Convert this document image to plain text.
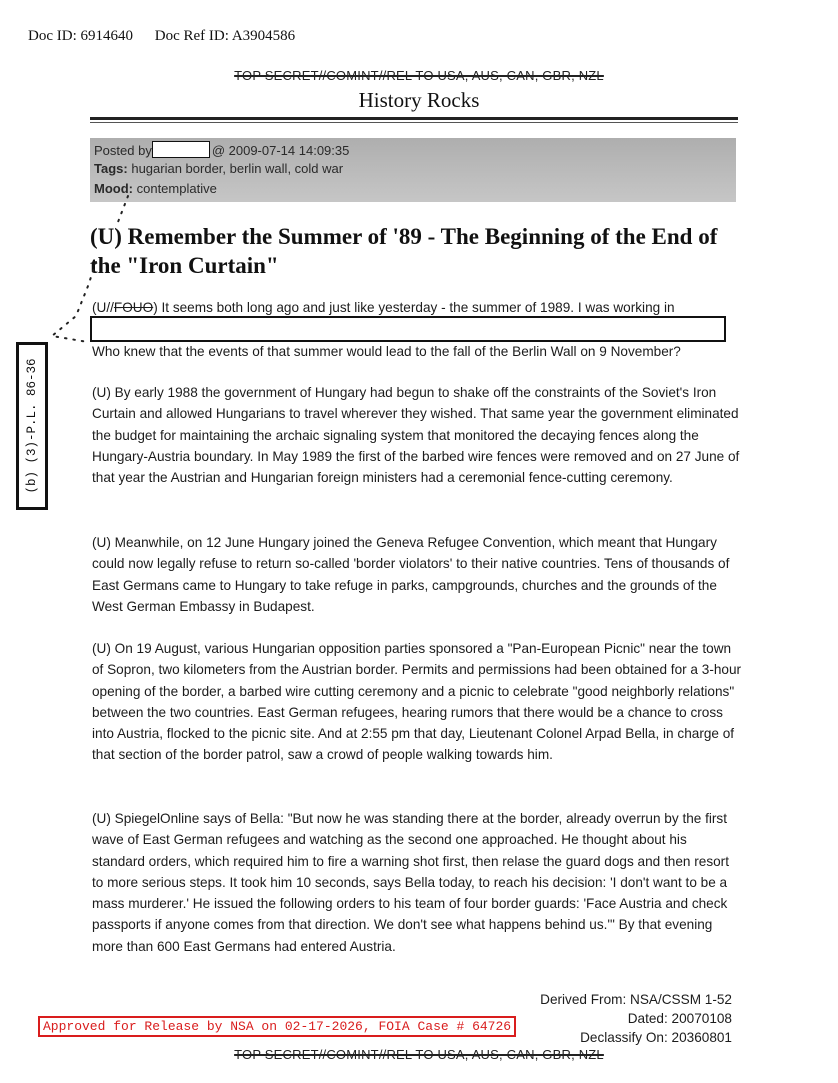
Doc ID: 6914640 Doc Ref ID: A3904586
TOP SECRET//COMINT//REL TO USA, AUS, CAN, GBR, NZL
History Rocks
Posted by	@ 2009-07-14 14:09:35
Tags: hugarian border, berlin wall, cold war
Mood: contemplative
(U) Remember the Summer of '89 - The Beginning of the End of the "Iron Curtain"
(U//FOUO) It seems both long ago and just like yesterday - the summer of 1989. I was working in
Who knew that the events of that summer would lead to the fall of the Berlin Wall on 9 November?
(b) (3)-P.L. 86-36	(U) By early 1988 the government of Hungary had begun to shake off the constraints of the Soviet's Iron Curtain and allowed Hungarians to travel wherever they wished. That same year the government eliminated the budget for maintaining the archaic signaling system that monitored the decaying fences along the Hungary-Austria boundary. In May 1989 the first of the barbed wire fences were removed and on 27 June of that year the Austrian and Hungarian foreign ministers had a ceremonial fence-cutting ceremony.
(U) Meanwhile, on 12 June Hungary joined the Geneva Refugee Convention, which meant that Hungary could now legally refuse to return so-called 'border violators' to their native countries. Tens of thousands of East Germans came to Hungary to take refuge in parks, campgrounds, churches and the grounds of the West German Embassy in Budapest.
(U) On 19 August, various Hungarian opposition parties sponsored a "Pan-European Picnic" near the town of Sopron, two kilometers from the Austrian border. Permits and permissions had been obtained for a 3-hour opening of the border, a barbed wire cutting ceremony and a picnic to celebrate "good neighborly relations" between the two countries. East German refugees, hearing rumors that there would be a chance to cross into Austria, flocked to the picnic site. And at 2:55 pm that day, Lieutenant Colonel Arpad Bella, in charge of that section of the border patrol, saw a crowd of people walking towards him.
(U) SpiegelOnline says of Bella: "But now he was standing there at the border, already overrun by the first wave of East German refugees and watching as the second one approached. He thought about his standard orders, which required him to fire a warning shot first, then relase the guard dogs and then resort to more serious steps. It took him 10 seconds, says Bella today, to reach his decision: 'I don't want to be a mass murderer.' He issued the following orders to his team of four border guards: 'Face Austria and check passports if anyone comes from that direction. We don't see what happens behind us.'" By that evening more than 600 East Germans had entered Austria.
Derived From: NSA/CSSM 1-52
Dated: 20070108
Declassify On: 20360801
Approved for Release by NSA on 02-17-2026, FOIA Case # 64726
TOP SECRET//COMINT//REL TO USA, AUS, CAN, GBR, NZL
